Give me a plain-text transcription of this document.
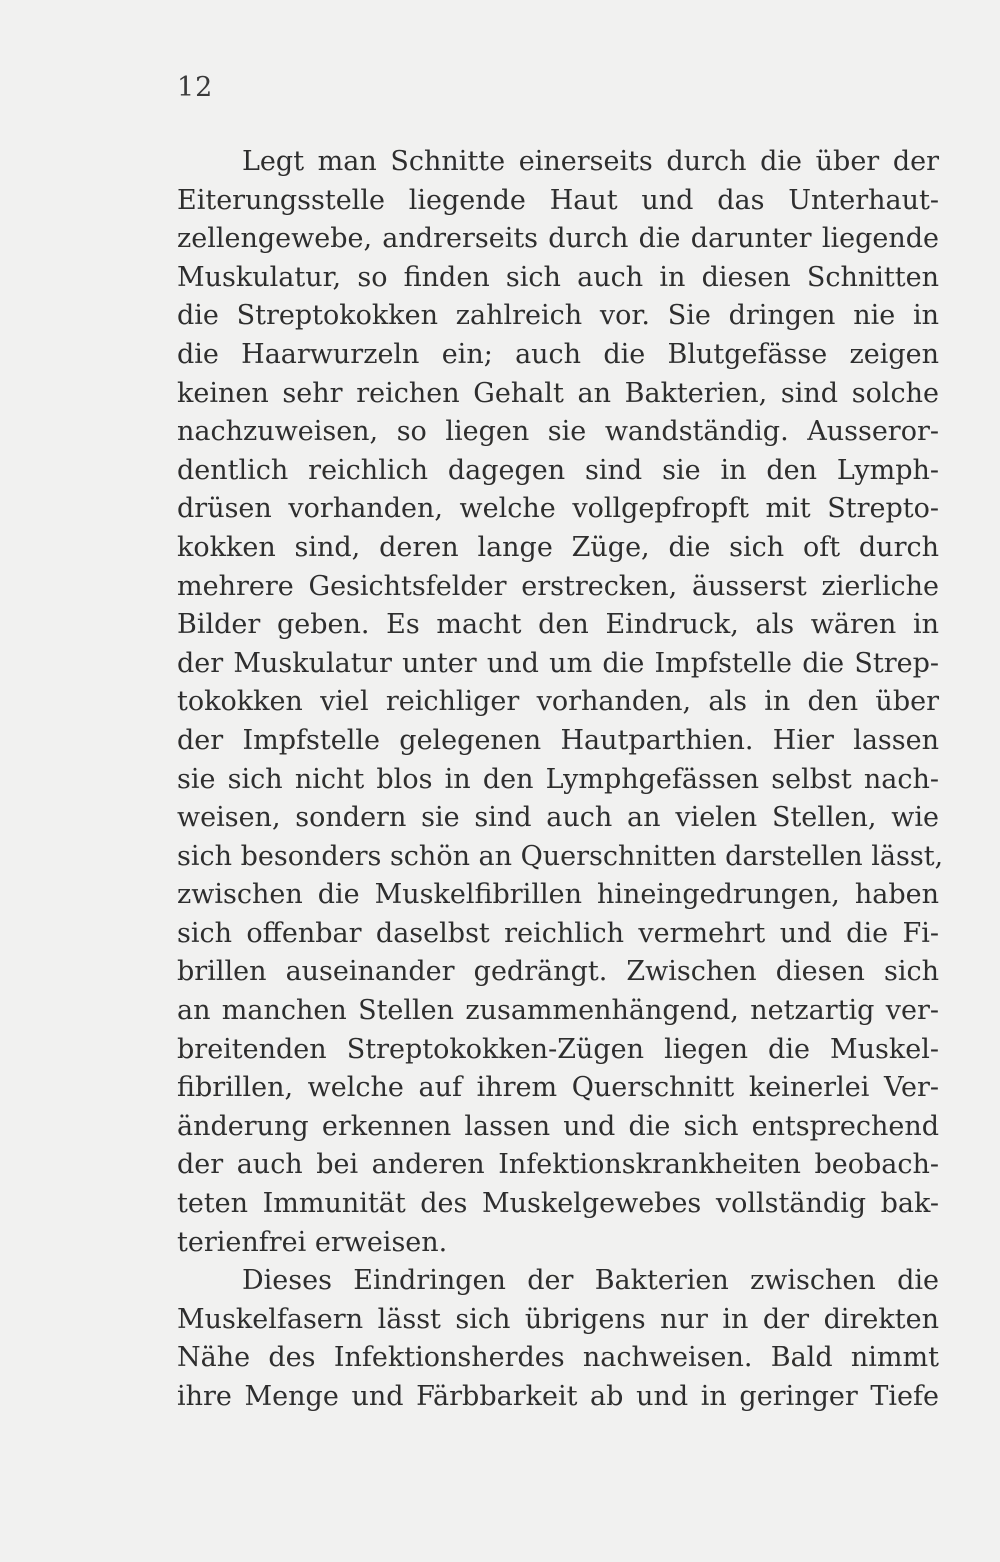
12
Legt man Schnitte einerseits durch die über der
Eiterungsstelle liegende Haut und das Unterhaut-
zellengewebe, andrerseits durch die darunter liegende
Muskulatur, so finden sich auch in diesen Schnitten
die Streptokokken zahlreich vor. Sie dringen nie in
die Haarwurzeln ein; auch die Blutgefässe zeigen
keinen sehr reichen Gehalt an Bakterien, sind solche
nachzuweisen, so liegen sie wandständig. Ausseror-
dentlich reichlich dagegen sind sie in den Lymph-
drüsen vorhanden, welche vollgepfropft mit Strepto-
kokken sind, deren lange Züge, die sich oft durch
mehrere Gesichtsfelder erstrecken, äusserst zierliche
Bilder geben. Es macht den Eindruck, als wären in
der Muskulatur unter und um die Impfstelle die Strep-
tokokken viel reichliger vorhanden, als in den über
der Impfstelle gelegenen Hautparthien. Hier lassen
sie sich nicht blos in den Lymphgefässen selbst nach-
weisen, sondern sie sind auch an vielen Stellen, wie
sich besonders schön an Querschnitten darstellen lässt,
zwischen die Muskelfibrillen hineingedrungen, haben
sich offenbar daselbst reichlich vermehrt und die Fi-
brillen auseinander gedrängt. Zwischen diesen sich
an manchen Stellen zusammenhängend, netzartig ver-
breitenden Streptokokken-Zügen liegen die Muskel-
fibrillen, welche auf ihrem Querschnitt keinerlei Ver-
änderung erkennen lassen und die sich entsprechend
der auch bei anderen Infektionskrankheiten beobach-
teten Immunität des Muskelgewebes vollständig bak-
terienfrei erweisen.
Dieses Eindringen der Bakterien zwischen die
Muskelfasern lässt sich übrigens nur in der direkten
Nähe des Infektionsherdes nachweisen. Bald nimmt
ihre Menge und Färbbarkeit ab und in geringer Tiefe
